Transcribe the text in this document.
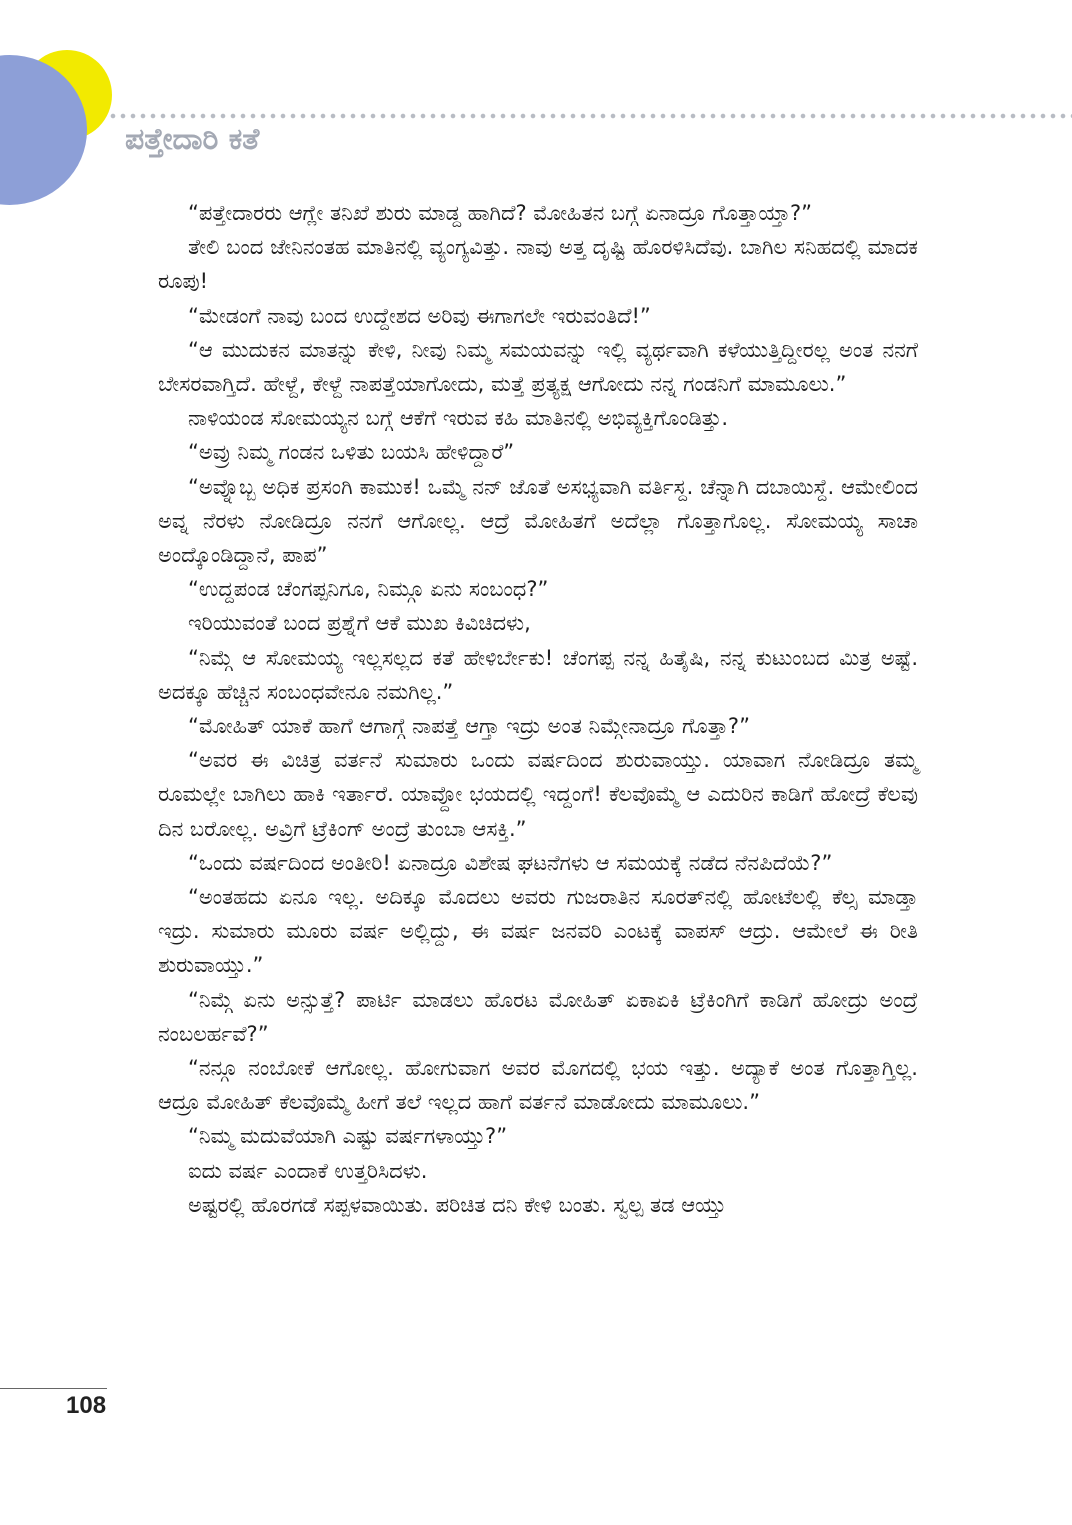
ಪತ್ತೇದಾರಿ ಕತೆ

“ಪತ್ತೇದಾರರು ಆಗ್ಲೇ ತನಿಖೆ ಶುರು ಮಾಡ್ದ ಹಾಗಿದೆ? ಮೋಹಿತನ ಬಗ್ಗೆ ಏನಾದ್ರೂ ಗೊತ್ತಾಯ್ತಾ?”

ತೇಲಿ ಬಂದ ಜೇನಿನಂತಹ ಮಾತಿನಲ್ಲಿ ವ್ಯಂಗ್ಯವಿತ್ತು. ನಾವು ಅತ್ತ ದೃಷ್ಟಿ ಹೊರಳಿಸಿದೆವು. ಬಾಗಿಲ ಸನಿಹದಲ್ಲಿ ಮಾದಕ ರೂಪು!

“ಮೇಡಂಗೆ ನಾವು ಬಂದ ಉದ್ದೇಶದ ಅರಿವು ಈಗಾಗಲೇ ಇರುವಂತಿದೆ!”

“ಆ ಮುದುಕನ ಮಾತನ್ನು ಕೇಳಿ, ನೀವು ನಿಮ್ಮ ಸಮಯವನ್ನು ಇಲ್ಲಿ ವ್ಯರ್ಥವಾಗಿ ಕಳೆಯುತ್ತಿದ್ದೀರಲ್ಲ ಅಂತ ನನಗೆ ಬೇಸರವಾಗ್ತಿದೆ. ಹೇಳ್ದೆ, ಕೇಳ್ದೆ ನಾಪತ್ತೆಯಾಗೋದು, ಮತ್ತೆ ಪ್ರತ್ಯಕ್ಷ ಆಗೋದು ನನ್ನ ಗಂಡನಿಗೆ ಮಾಮೂಲು.”

ನಾಳಿಯಂಡ ಸೋಮಯ್ಯನ ಬಗ್ಗೆ ಆಕೆಗೆ ಇರುವ ಕಹಿ ಮಾತಿನಲ್ಲಿ ಅಭಿವ್ಯಕ್ತಿಗೊಂಡಿತ್ತು.

“ಅವ್ರು ನಿಮ್ಮ ಗಂಡನ ಒಳಿತು ಬಯಸಿ ಹೇಳಿದ್ದಾರೆ”

“ಅವ್ನೊಬ್ಬ ಅಧಿಕ ಪ್ರಸಂಗಿ ಕಾಮುಕ! ಒಮ್ಮೆ ನನ್ ಜೊತೆ ಅಸಭ್ಯವಾಗಿ ವರ್ತಿಸ್ದ. ಚೆನ್ನಾಗಿ ದಬಾಯಿಸ್ದೆ. ಆಮೇಲಿಂದ ಅವ್ನ ನೆರಳು ನೋಡಿದ್ರೂ ನನಗೆ ಆಗೋಲ್ಲ. ಆದ್ರೆ ಮೋಹಿತಗೆ ಅದೆಲ್ಲಾ ಗೊತ್ತಾಗೊಲ್ಲ. ಸೋಮಯ್ಯ ಸಾಚಾ ಅಂದ್ಕೊಂಡಿದ್ದಾನೆ, ಪಾಪ”

“ಉದ್ದಪಂಡ ಚೆಂಗಪ್ಪನಿಗೂ, ನಿಮ್ಗೂ ಏನು ಸಂಬಂಧ?”

ಇರಿಯುವಂತೆ ಬಂದ ಪ್ರಶ್ನೆಗೆ ಆಕೆ ಮುಖ ಕಿವಿಚಿದಳು,

“ನಿಮ್ಗೆ ಆ ಸೋಮಯ್ಯ ಇಲ್ಲಸಲ್ಲದ ಕತೆ ಹೇಳಿರ್ಬೇಕು! ಚೆಂಗಪ್ಪ ನನ್ನ ಹಿತೈಷಿ, ನನ್ನ ಕುಟುಂಬದ ಮಿತ್ರ ಅಷ್ಟೆ. ಅದಕ್ಕೂ ಹೆಚ್ಚಿನ ಸಂಬಂಧವೇನೂ ನಮಗಿಲ್ಲ.”

“ಮೋಹಿತ್ ಯಾಕೆ ಹಾಗೆ ಆಗಾಗ್ಗೆ ನಾಪತ್ತೆ ಆಗ್ತಾ ಇದ್ರು ಅಂತ ನಿಮ್ಗೇನಾದ್ರೂ ಗೊತ್ತಾ?”

“ಅವರ ಈ ವಿಚಿತ್ರ ವರ್ತನೆ ಸುಮಾರು ಒಂದು ವರ್ಷದಿಂದ ಶುರುವಾಯ್ತು. ಯಾವಾಗ ನೋಡಿದ್ರೂ ತಮ್ಮ ರೂಮಲ್ಲೇ ಬಾಗಿಲು ಹಾಕಿ ಇರ್ತಾರೆ. ಯಾವ್ದೋ ಭಯದಲ್ಲಿ ಇದ್ದಂಗೆ! ಕೆಲವೊಮ್ಮೆ ಆ ಎದುರಿನ ಕಾಡಿಗೆ ಹೋದ್ರೆ ಕೆಲವು ದಿನ ಬರೋಲ್ಲ. ಅವ್ರಿಗೆ ಟ್ರೆಕಿಂಗ್ ಅಂದ್ರೆ ತುಂಬಾ ಆಸಕ್ತಿ.”

“ಒಂದು ವರ್ಷದಿಂದ ಅಂತೀರಿ! ಏನಾದ್ರೂ ವಿಶೇಷ ಘಟನೆಗಳು ಆ ಸಮಯಕ್ಕೆ ನಡೆದ ನೆನಪಿದೆಯೆ?”

“ಅಂತಹದು ಏನೂ ಇಲ್ಲ. ಅದಿಕ್ಕೂ ಮೊದಲು ಅವರು ಗುಜರಾತಿನ ಸೂರತ್‌ನಲ್ಲಿ ಹೋಟೆಲಲ್ಲಿ ಕೆಲ್ಸ ಮಾಡ್ತಾ ಇದ್ರು. ಸುಮಾರು ಮೂರು ವರ್ಷ ಅಲ್ಲಿದ್ದು, ಈ ವರ್ಷ ಜನವರಿ ಎಂಟಕ್ಕೆ ವಾಪಸ್ ಆದ್ರು. ಆಮೇಲೆ ಈ ರೀತಿ ಶುರುವಾಯ್ತು.”

“ನಿಮ್ಗೆ ಏನು ಅನ್ಸುತ್ತೆ? ಪಾರ್ಟಿ ಮಾಡಲು ಹೊರಟ ಮೋಹಿತ್ ಏಕಾಏಕಿ ಟ್ರೆಕಿಂಗಿಗೆ ಕಾಡಿಗೆ ಹೋದ್ರು ಅಂದ್ರೆ ನಂಬಲರ್ಹವೆ?”

“ನನ್ಗೂ ನಂಬೋಕೆ ಆಗೋಲ್ಲ. ಹೋಗುವಾಗ ಅವರ ಮೊಗದಲ್ಲಿ ಭಯ ಇತ್ತು. ಅದ್ಯಾಕೆ ಅಂತ ಗೊತ್ತಾಗ್ತಿಲ್ಲ. ಆದ್ರೂ ಮೋಹಿತ್ ಕೆಲವೊಮ್ಮೆ ಹೀಗೆ ತಲೆ ಇಲ್ಲದ ಹಾಗೆ ವರ್ತನೆ ಮಾಡೋದು ಮಾಮೂಲು.”

“ನಿಮ್ಮ ಮದುವೆಯಾಗಿ ಎಷ್ಟು ವರ್ಷಗಳಾಯ್ತು?”

ಐದು ವರ್ಷ ಎಂದಾಕೆ ಉತ್ತರಿಸಿದಳು.

ಅಷ್ಟರಲ್ಲಿ ಹೊರಗಡೆ ಸಪ್ಪಳವಾಯಿತು. ಪರಿಚಿತ ದನಿ ಕೇಳಿ ಬಂತು. ಸ್ವಲ್ಪ ತಡ ಆಯ್ತು

108
